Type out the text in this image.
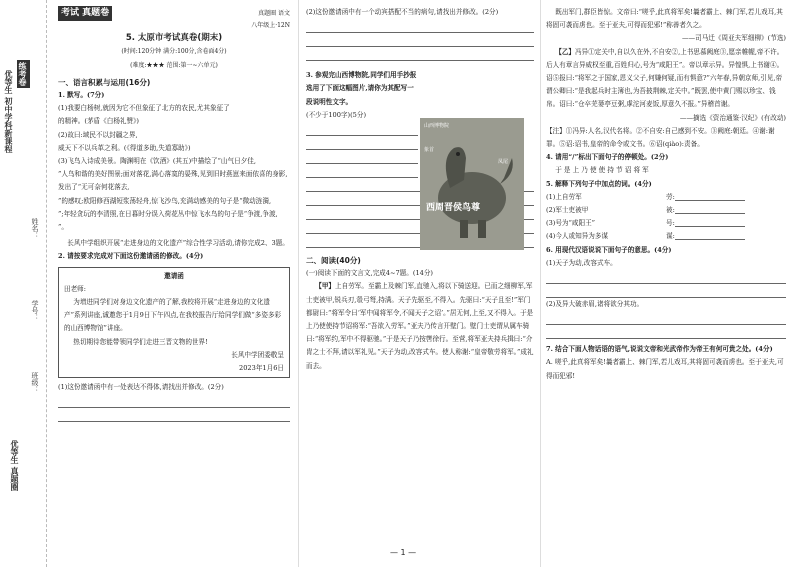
优等生 初中学科新课程 练考卷
姓名：
学号：
班级：
优等生 真题圈
考试 真题卷	真题圈 语文
八年级上·12N
5. 太原市考试真卷(期末)
(时间:120分钟 满分:100分,含卷面4分)
(难度:★★★ 范围:第一~六单元)
一、语言积累与运用(16分)
1. 默写。(7分)
(1)我要白杨树,就因为它不但象征了北方的农民,尤其象征了
的精神。(茅盾《白杨礼赞》)
(2)故曰:域民不以封疆之界,
威天下不以兵革之利。(《得道多助,失道寡助》)
(3)飞鸟入诗成美景。陶渊明在《饮酒》(其五)中描绘了“山气日夕佳,
”人鸟和谐的美好图景;面对落花,满心落寞的晏殊,见到旧时燕崽来面依喜的身影,发出了“无可奈何花落去,
”的感叹;欧阳修西湖短浆荡轻舟,惊飞沙鸟,充满动感美的句子是“微动涟漪,
”;年轻贪玩的李清照,在日暮时分误入荷花丛中惊飞水鸟的句子是“争渡,争渡,
”。
长风中学组织开展“走进身边的文化遗产”综合性学习活动,请你完成2、3题。
2. 请按要求完成对下面这份邀请函的修改。(4分)
邀请函
田老师:
为增进同学们对身边文化遗产的了解,我校将开展“走进身边的文化遗产”系列讲座,诚邀您于1月9日下午四点,在我校报告厅给同学们做“多姿多彩的山西博物馆”讲座。
热切期待您能带领同学们走进三晋文物的世界!
长风中学团委敬呈
2023年1月6日
(1)这份邀请函中有一处表达不得体,请找出并修改。(2分)
(2)这份邀请函中有一个动宾搭配不当的病句,请找出并修改。(2分)
3. 参观完山西博物院,同学们用手抄报选用了下面这幅图片,请你为其配写一段说明性文字。
(不少于100字)(5分)
二、阅读(40分)
(一)阅读下面的文言文,完成4~7题。(14分)
【甲】上自劳军。至霸上及棘门军,直驰入,将以下骑送迎。已而之细柳军,军士吏被甲,锐兵刃,彀弓弩,持满。天子先驱至,不得入。先驱曰:“天子且至!”军门都尉曰:“将军令曰‘军中闻将军令,不闻天子之诏’。”居无何,上至,又不得入。于是上乃使使持节诏将军:“吾欲入劳军。”亚夫乃传言开壁门。壁门士吏谓从属车骑曰:“将军约,军中不得驱驰。”于是天子乃按辔徐行。至营,将军亚夫持兵揖曰:“介胄之士不拜,请以军礼见。”天子为动,改容式车。使人称谢:“皇帝敬劳将军。”成礼而去。
山西博物院
象首
凤尾
西周晋侯鸟尊
既出军门,群臣皆惊。文帝曰:“嗟乎,此真将军矣!曩者霸上、棘门军,若儿戏耳,其将固可袭而虏也。至于亚夫,可得而犯邪!”称善者久之。
——司马迁《周亚夫军细柳》(节选)
【乙】冯异①定关中,自以久在外,不自安②,上书思慕阙庭③,愿亲帷幄,帝不许。后人有章言异威权至重,百姓归心,号为“咸阳王”。帝以章示异。异惶惧,上书谢④。诏⑤报曰:“将军之于国家,恩义父子,何嫌何疑,而有惧意?”六年春,异朝京师,引见,帝谓公卿曰:“是我起兵时主簿也,为吾披荆棘,定关中。”既罢,使中黄门赐以珍宝、钱帛。诏曰:“仓卒芜蒌亭豆粥,虖沱河麦饭,厚意久不报。”异稽首谢。
——摘选《资治通鉴·汉纪》(有改动)
【注】①冯异:人名,汉代名将。②不自安:自己感到不安。③阙庭:朝廷。④谢:谢罪。⑤诏:诏书,皇帝的命令或文书。⑥诏(qiào):责备。
4. 请用“/”标出下面句子的停顿处。(2分)
于 是 上 乃 使 使 持 节 诏 将 军
5. 解释下列句子中加点的词。(4分)
(1)上自劳军	劳:
(2)军士吏被甲	被:
(3)号为“咸阳王”	号:
(4)今人或知异为多谋	谋:
6. 用现代汉语说说下面句子的意思。(4分)
(1)天子为动,改容式车。
(2)及异大破赤眉,诸将欲分其功。
7. 结合下面人物话语的语气,说说文帝和光武帝作为帝王有何可贵之处。(4分)
A. 嗟乎,此真将军矣!曩者霸上、棘门军,若儿戏耳,其将固可袭而虏也。至于亚夫,可得而犯邪!
— 1 —
